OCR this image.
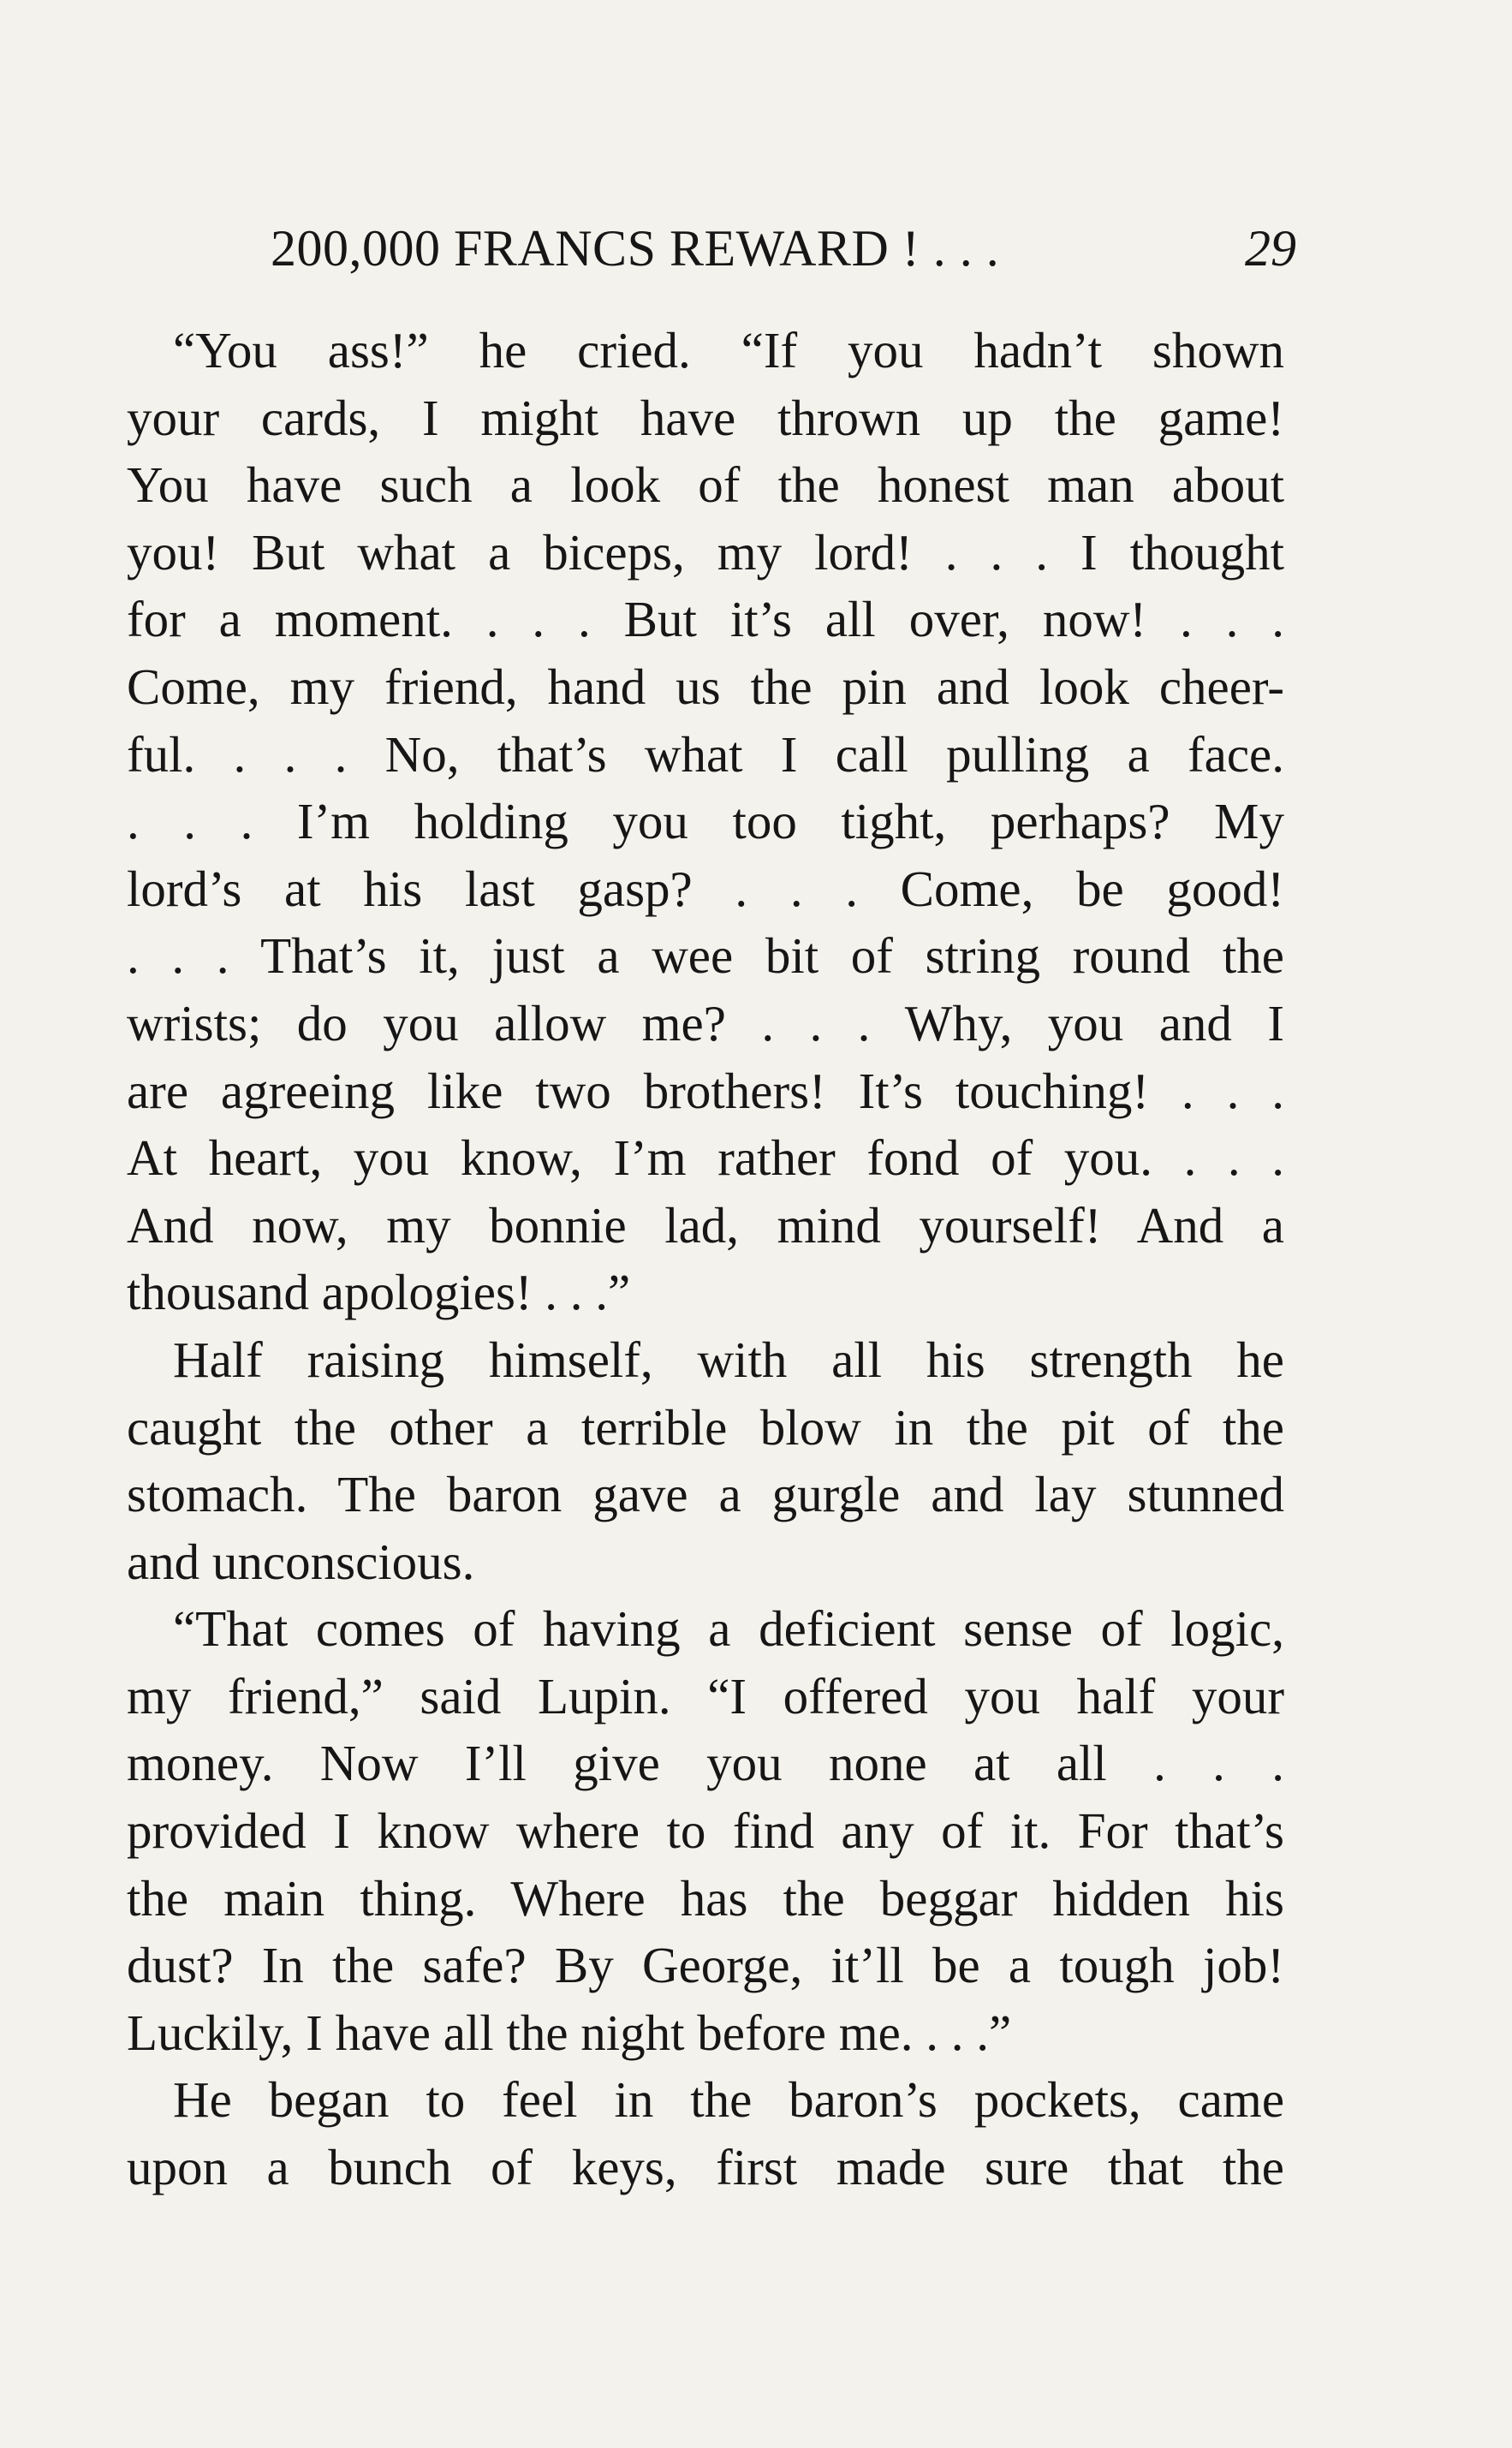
200,000 FRANCS REWARD ! . . .	29
“You ass!” he cried. “If you hadn’t shown
your cards, I might have thrown up the game!
You have such a look of the honest man about
you! But what a biceps, my lord! . . . I thought
for a moment. . . . But it’s all over, now! . . .
Come, my friend, hand us the pin and look cheer-
ful. . . . No, that’s what I call pulling a face.
. . . I’m holding you too tight, perhaps? My
lord’s at his last gasp? . . . Come, be good!
. . . That’s it, just a wee bit of string round the
wrists; do you allow me? . . . Why, you and I
are agreeing like two brothers! It’s touching! . . .
At heart, you know, I’m rather fond of you. . . .
And now, my bonnie lad, mind yourself! And a
thousand apologies! . . .”
Half raising himself, with all his strength he
caught the other a terrible blow in the pit of the
stomach. The baron gave a gurgle and lay stunned
and unconscious.
“That comes of having a deficient sense of logic,
my friend,” said Lupin. “I offered you half your
money. Now I’ll give you none at all . . .
provided I know where to find any of it. For that’s
the main thing. Where has the beggar hidden his
dust? In the safe? By George, it’ll be a tough job!
Luckily, I have all the night before me. . . .”
He began to feel in the baron’s pockets, came
upon a bunch of keys, first made sure that the
